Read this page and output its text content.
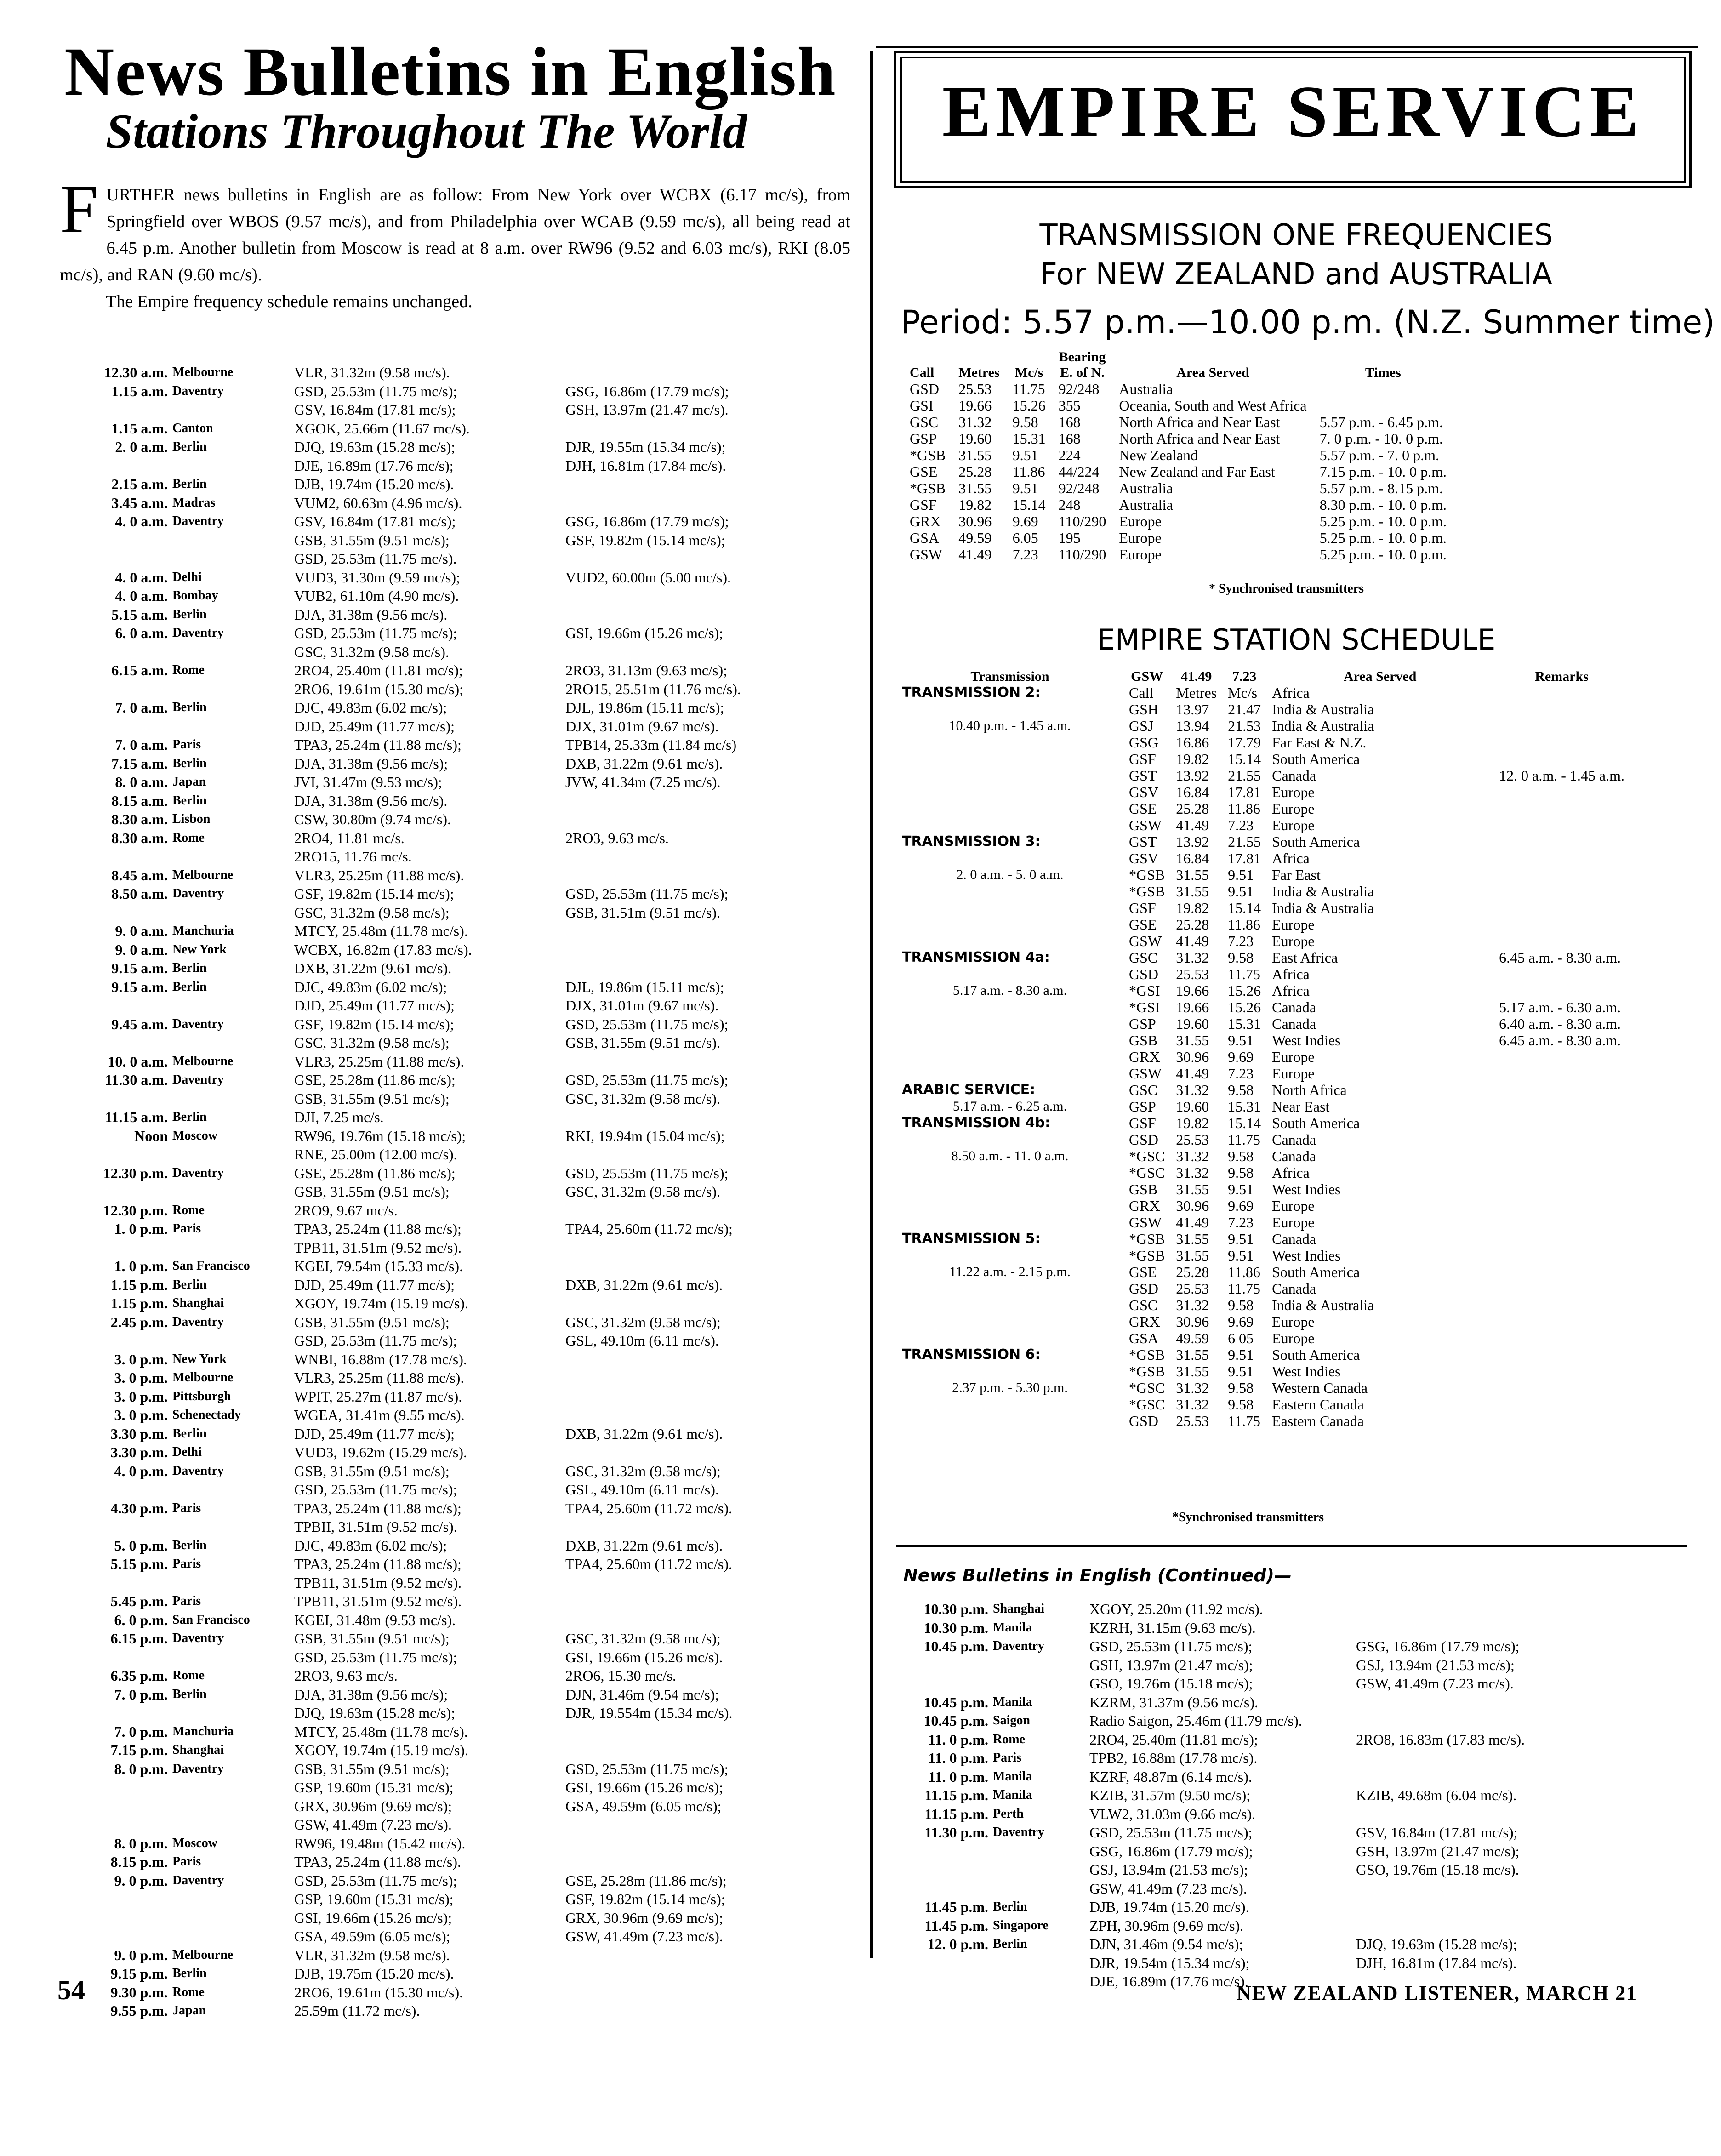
News Bulletins in English
Stations Throughout The World
F URTHER news bulletins in English are as follow: From New York over WCBX (6.17 mc/s), from Springfield over WBOS (9.57 mc/s), and from Philadelphia over WCAB (9.59 mc/s), all being read at 6.45 p.m. Another bulletin from Moscow is read at 8 a.m. over RW96 (9.52 and 6.03 mc/s), RKI (8.05 mc/s), and RAN (9.60 mc/s).

The Empire frequency schedule remains unchanged.

12.30 a.m. Melbourne	VLR, 31.32m (9.58 mc/s).
1.15 a.m. Daventry	GSD, 25.53m (11.75 mc/s);	GSG, 16.86m (17.79 mc/s);
GSV, 16.84m (17.81 mc/s);	GSH, 13.97m (21.47 mc/s).
1.15 a.m. Canton	XGOK, 25.66m (11.67 mc/s).
2. 0 a.m. Berlin	DJQ, 19.63m (15.28 mc/s);	DJR, 19.55m (15.34 mc/s);
DJE, 16.89m (17.76 mc/s);	DJH, 16.81m (17.84 mc/s).
2.15 a.m. Berlin	DJB, 19.74m (15.20 mc/s).
3.45 a.m. Madras	VUM2, 60.63m (4.96 mc/s).
4. 0 a.m. Daventry	GSV, 16.84m (17.81 mc/s);	GSG, 16.86m (17.79 mc/s);
GSB, 31.55m (9.51 mc/s);	GSF, 19.82m (15.14 mc/s);
GSD, 25.53m (11.75 mc/s).
4. 0 a.m. Delhi	VUD3, 31.30m (9.59 mc/s);	VUD2, 60.00m (5.00 mc/s).
4. 0 a.m. Bombay	VUB2, 61.10m (4.90 mc/s).
5.15 a.m. Berlin	DJA, 31.38m (9.56 mc/s).
6. 0 a.m. Daventry	GSD, 25.53m (11.75 mc/s);	GSI, 19.66m (15.26 mc/s);
GSC, 31.32m (9.58 mc/s).
6.15 a.m. Rome	2RO4, 25.40m (11.81 mc/s);	2RO3, 31.13m (9.63 mc/s);
2RO6, 19.61m (15.30 mc/s);	2RO15, 25.51m (11.76 mc/s).
7. 0 a.m. Berlin	DJC, 49.83m (6.02 mc/s);	DJL, 19.86m (15.11 mc/s);
DJD, 25.49m (11.77 mc/s);	DJX, 31.01m (9.67 mc/s).
7. 0 a.m. Paris	TPA3, 25.24m (11.88 mc/s);	TPB14, 25.33m (11.84 mc/s)
7.15 a.m. Berlin	DJA, 31.38m (9.56 mc/s);	DXB, 31.22m (9.61 mc/s).
8. 0 a.m. Japan	JVI, 31.47m (9.53 mc/s);	JVW, 41.34m (7.25 mc/s).
8.15 a.m. Berlin	DJA, 31.38m (9.56 mc/s).
8.30 a.m. Lisbon	CSW, 30.80m (9.74 mc/s).
8.30 a.m. Rome	2RO4, 11.81 mc/s.	2RO3, 9.63 mc/s.
2RO15, 11.76 mc/s.
8.45 a.m. Melbourne	VLR3, 25.25m (11.88 mc/s).
8.50 a.m. Daventry	GSF, 19.82m (15.14 mc/s);	GSD, 25.53m (11.75 mc/s);
GSC, 31.32m (9.58 mc/s);	GSB, 31.51m (9.51 mc/s).
9. 0 a.m. Manchuria	MTCY, 25.48m (11.78 mc/s).
9. 0 a.m. New York	WCBX, 16.82m (17.83 mc/s).
9.15 a.m. Berlin	DXB, 31.22m (9.61 mc/s).
9.15 a.m. Berlin	DJC, 49.83m (6.02 mc/s);	DJL, 19.86m (15.11 mc/s);
DJD, 25.49m (11.77 mc/s);	DJX, 31.01m (9.67 mc/s).
9.45 a.m. Daventry	GSF, 19.82m (15.14 mc/s);	GSD, 25.53m (11.75 mc/s);
GSC, 31.32m (9.58 mc/s);	GSB, 31.55m (9.51 mc/s).
10. 0 a.m. Melbourne	VLR3, 25.25m (11.88 mc/s).
11.30 a.m. Daventry	GSE, 25.28m (11.86 mc/s);	GSD, 25.53m (11.75 mc/s);
GSB, 31.55m (9.51 mc/s);	GSC, 31.32m (9.58 mc/s).
11.15 a.m. Berlin	DJI, 7.25 mc/s.
Noon Moscow	RW96, 19.76m (15.18 mc/s);	RKI, 19.94m (15.04 mc/s);
RNE, 25.00m (12.00 mc/s).
12.30 p.m. Daventry	GSE, 25.28m (11.86 mc/s);	GSD, 25.53m (11.75 mc/s);
GSB, 31.55m (9.51 mc/s);	GSC, 31.32m (9.58 mc/s).
12.30 p.m. Rome	2RO9, 9.67 mc/s.
1. 0 p.m. Paris	TPA3, 25.24m (11.88 mc/s);	TPA4, 25.60m (11.72 mc/s);
TPB11, 31.51m (9.52 mc/s).
1. 0 p.m. San Francisco	KGEI, 79.54m (15.33 mc/s).
1.15 p.m. Berlin	DJD, 25.49m (11.77 mc/s);	DXB, 31.22m (9.61 mc/s).
1.15 p.m. Shanghai	XGOY, 19.74m (15.19 mc/s).
2.45 p.m. Daventry	GSB, 31.55m (9.51 mc/s);	GSC, 31.32m (9.58 mc/s);
GSD, 25.53m (11.75 mc/s);	GSL, 49.10m (6.11 mc/s).
3. 0 p.m. New York	WNBI, 16.88m (17.78 mc/s).
3. 0 p.m. Melbourne	VLR3, 25.25m (11.88 mc/s).
3. 0 p.m. Pittsburgh	WPIT, 25.27m (11.87 mc/s).
3. 0 p.m. Schenectady	WGEA, 31.41m (9.55 mc/s).
3.30 p.m. Berlin	DJD, 25.49m (11.77 mc/s);	DXB, 31.22m (9.61 mc/s).
3.30 p.m. Delhi	VUD3, 19.62m (15.29 mc/s).
4. 0 p.m. Daventry	GSB, 31.55m (9.51 mc/s);	GSC, 31.32m (9.58 mc/s);
GSD, 25.53m (11.75 mc/s);	GSL, 49.10m (6.11 mc/s).
4.30 p.m. Paris	TPA3, 25.24m (11.88 mc/s);	TPA4, 25.60m (11.72 mc/s).
TPBII, 31.51m (9.52 mc/s).
5. 0 p.m. Berlin	DJC, 49.83m (6.02 mc/s);	DXB, 31.22m (9.61 mc/s).
5.15 p.m. Paris	TPA3, 25.24m (11.88 mc/s);	TPA4, 25.60m (11.72 mc/s).
TPB11, 31.51m (9.52 mc/s).
5.45 p.m. Paris	TPB11, 31.51m (9.52 mc/s).
6. 0 p.m. San Francisco	KGEI, 31.48m (9.53 mc/s).
6.15 p.m. Daventry	GSB, 31.55m (9.51 mc/s);	GSC, 31.32m (9.58 mc/s);
GSD, 25.53m (11.75 mc/s);	GSI, 19.66m (15.26 mc/s).
6.35 p.m. Rome	2RO3, 9.63 mc/s.	2RO6, 15.30 mc/s.
7. 0 p.m. Berlin	DJA, 31.38m (9.56 mc/s);	DJN, 31.46m (9.54 mc/s);
DJQ, 19.63m (15.28 mc/s);	DJR, 19.554m (15.34 mc/s).
7. 0 p.m. Manchuria	MTCY, 25.48m (11.78 mc/s).
7.15 p.m. Shanghai	XGOY, 19.74m (15.19 mc/s).
8. 0 p.m. Daventry	GSB, 31.55m (9.51 mc/s);	GSD, 25.53m (11.75 mc/s);
GSP, 19.60m (15.31 mc/s);	GSI, 19.66m (15.26 mc/s);
GRX, 30.96m (9.69 mc/s);	GSA, 49.59m (6.05 mc/s);
GSW, 41.49m (7.23 mc/s).
8. 0 p.m. Moscow	RW96, 19.48m (15.42 mc/s).
8.15 p.m. Paris	TPA3, 25.24m (11.88 mc/s).
9. 0 p.m. Daventry	GSD, 25.53m (11.75 mc/s);	GSE, 25.28m (11.86 mc/s);
GSP, 19.60m (15.31 mc/s);	GSF, 19.82m (15.14 mc/s);
GSI, 19.66m (15.26 mc/s);	GRX, 30.96m (9.69 mc/s);
GSA, 49.59m (6.05 mc/s);	GSW, 41.49m (7.23 mc/s).
9. 0 p.m. Melbourne	VLR, 31.32m (9.58 mc/s).
9.15 p.m. Berlin	DJB, 19.75m (15.20 mc/s).
9.30 p.m. Rome	2RO6, 19.61m (15.30 mc/s).
9.55 p.m. Japan	25.59m (11.72 mc/s).
EMPIRE SERVICE
TRANSMISSION ONE FREQUENCIES
For NEW ZEALAND and AUSTRALIA
Period: 5.57 p.m.—10.00 p.m. (N.Z. Summer time)
Call	Metres	Mc/s	Bearing
E. of N.	Area Served	Times
GSD	25.53	11.75	92/248	Australia	
GSI	19.66	15.26	355	Oceania, South and West Africa	
GSC	31.32	9.58	168	North Africa and Near East	5.57 p.m. - 6.45 p.m.
GSP	19.60	15.31	168	North Africa and Near East	7. 0 p.m. - 10. 0 p.m.
*GSB	31.55	9.51	224	New Zealand	5.57 p.m. - 7. 0 p.m.
GSE	25.28	11.86	44/224	New Zealand and Far East	7.15 p.m. - 10. 0 p.m.
*GSB	31.55	9.51	92/248	Australia	5.57 p.m. - 8.15 p.m.
GSF	19.82	15.14	248	Australia	8.30 p.m. - 10. 0 p.m.
GRX	30.96	9.69	110/290	Europe	5.25 p.m. - 10. 0 p.m.
GSA	49.59	6.05	195	Europe	5.25 p.m. - 10. 0 p.m.
GSW	41.49	7.23	110/290	Europe	5.25 p.m. - 10. 0 p.m.
* Synchronised transmitters
EMPIRE STATION SCHEDULE
Transmission	GSW	41.49	7.23	Area Served	Remarks
TRANSMISSION 2:	Call	Metres	Mc/s	Africa	
	GSH	13.97	21.47	India & Australia	
10.40 p.m. - 1.45 a.m.	GSJ	13.94	21.53	India & Australia	
	GSG	16.86	17.79	Far East & N.Z.	
	GSF	19.82	15.14	South America	
	GST	13.92	21.55	Canada	12. 0 a.m. - 1.45 a.m.
	GSV	16.84	17.81	Europe	
	GSE	25.28	11.86	Europe	
	GSW	41.49	7.23	Europe	
TRANSMISSION 3:	GST	13.92	21.55	South America	
	GSV	16.84	17.81	Africa	
2. 0 a.m. - 5. 0 a.m.	*GSB	31.55	9.51	Far East	
	*GSB	31.55	9.51	India & Australia	
	GSF	19.82	15.14	India & Australia	
	GSE	25.28	11.86	Europe	
	GSW	41.49	7.23	Europe	
TRANSMISSION 4a:	GSC	31.32	9.58	East Africa	6.45 a.m. - 8.30 a.m.
	GSD	25.53	11.75	Africa	
5.17 a.m. - 8.30 a.m.	*GSI	19.66	15.26	Africa	
	*GSI	19.66	15.26	Canada	5.17 a.m. - 6.30 a.m.
	GSP	19.60	15.31	Canada	6.40 a.m. - 8.30 a.m.
	GSB	31.55	9.51	West Indies	6.45 a.m. - 8.30 a.m.
	GRX	30.96	9.69	Europe	
	GSW	41.49	7.23	Europe	
ARABIC SERVICE:	GSC	31.32	9.58	North Africa	
5.17 a.m. - 6.25 a.m.	GSP	19.60	15.31	Near East	
TRANSMISSION 4b:	GSF	19.82	15.14	South America	
	GSD	25.53	11.75	Canada	
8.50 a.m. - 11. 0 a.m.	*GSC	31.32	9.58	Canada	
	*GSC	31.32	9.58	Africa	
	GSB	31.55	9.51	West Indies	
	GRX	30.96	9.69	Europe	
	GSW	41.49	7.23	Europe	
TRANSMISSION 5:	*GSB	31.55	9.51	Canada	
	*GSB	31.55	9.51	West Indies	
11.22 a.m. - 2.15 p.m.	GSE	25.28	11.86	South America	
	GSD	25.53	11.75	Canada	
	GSC	31.32	9.58	India & Australia	
	GRX	30.96	9.69	Europe	
	GSA	49.59	6 05	Europe	
TRANSMISSION 6:	*GSB	31.55	9.51	South America	
	*GSB	31.55	9.51	West Indies	
2.37 p.m. - 5.30 p.m.	*GSC	31.32	9.58	Western Canada	
	*GSC	31.32	9.58	Eastern Canada	
	GSD	25.53	11.75	Eastern Canada	
*Synchronised transmitters
News Bulletins in English (Continued)—
10.30 p.m. Shanghai	XGOY, 25.20m (11.92 mc/s).
10.30 p.m. Manila	KZRH, 31.15m (9.63 mc/s).
10.45 p.m. Daventry	GSD, 25.53m (11.75 mc/s);	GSG, 16.86m (17.79 mc/s);
GSH, 13.97m (21.47 mc/s);	GSJ, 13.94m (21.53 mc/s);
GSO, 19.76m (15.18 mc/s);	GSW, 41.49m (7.23 mc/s).
10.45 p.m. Manila	KZRM, 31.37m (9.56 mc/s).
10.45 p.m. Saigon	Radio Saigon, 25.46m (11.79 mc/s).
11. 0 p.m. Rome	2RO4, 25.40m (11.81 mc/s);	2RO8, 16.83m (17.83 mc/s).
11. 0 p.m. Paris	TPB2, 16.88m (17.78 mc/s).
11. 0 p.m. Manila	KZRF, 48.87m (6.14 mc/s).
11.15 p.m. Manila	KZIB, 31.57m (9.50 mc/s);	KZIB, 49.68m (6.04 mc/s).
11.15 p.m. Perth	VLW2, 31.03m (9.66 mc/s).
11.30 p.m. Daventry	GSD, 25.53m (11.75 mc/s);	GSV, 16.84m (17.81 mc/s);
GSG, 16.86m (17.79 mc/s);	GSH, 13.97m (21.47 mc/s);
GSJ, 13.94m (21.53 mc/s);	GSO, 19.76m (15.18 mc/s).
GSW, 41.49m (7.23 mc/s).
11.45 p.m. Berlin	DJB, 19.74m (15.20 mc/s).
11.45 p.m. Singapore	ZPH, 30.96m (9.69 mc/s).
12. 0 p.m. Berlin	DJN, 31.46m (9.54 mc/s);	DJQ, 19.63m (15.28 mc/s);
DJR, 19.54m (15.34 mc/s);	DJH, 16.81m (17.84 mc/s).
DJE, 16.89m (17.76 mc/s).
54	NEW ZEALAND LISTENER, MARCH 21
